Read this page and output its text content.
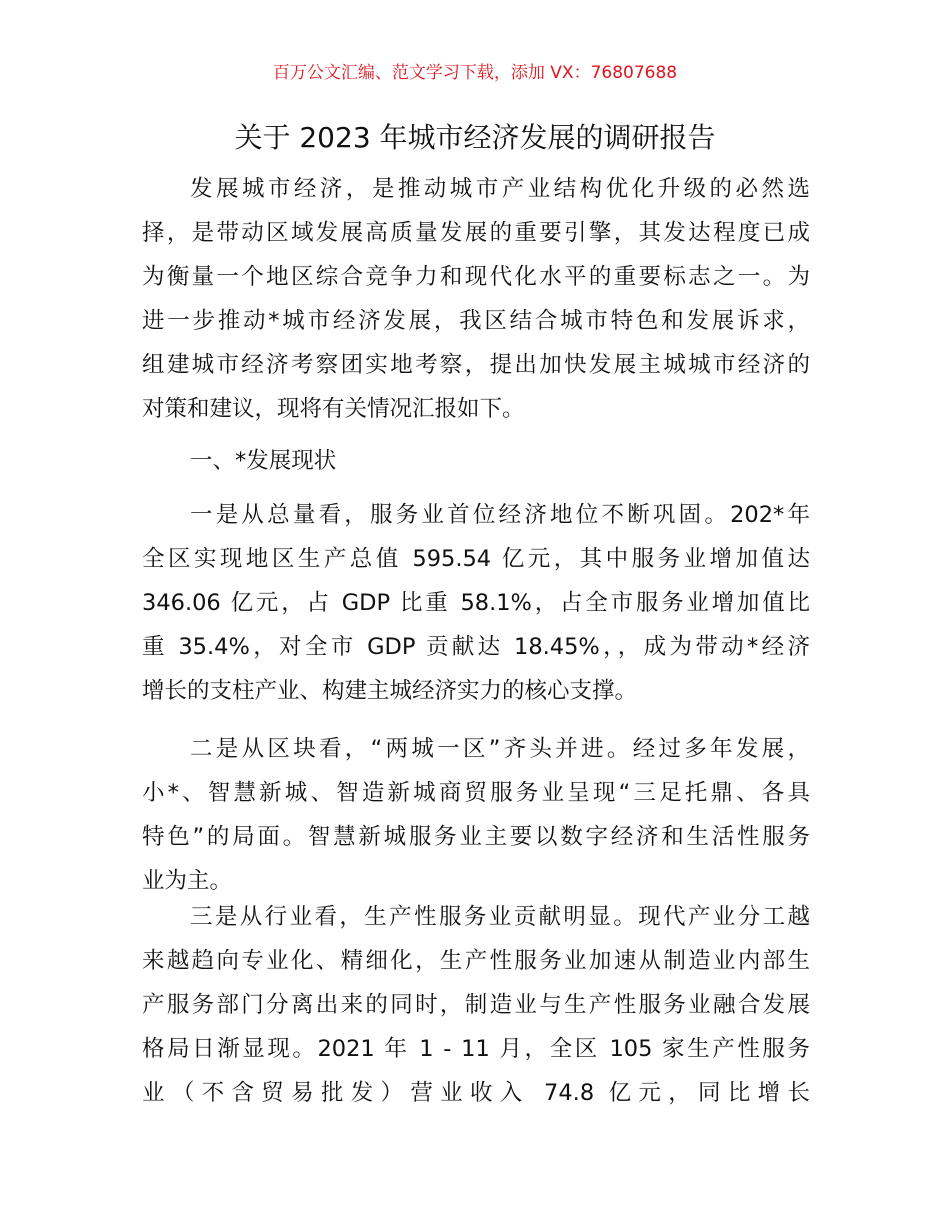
百万公文汇编、范文学习下载，添加 VX：76807688
关于 2023 年城市经济发展的调研报告
发展城市经济，是推动城市产业结构优化升级的必然选
择，是带动区域发展高质量发展的重要引擎，其发达程度已成
为衡量一个地区综合竞争力和现代化水平的重要标志之一。为
进一步推动*城市经济发展，我区结合城市特色和发展诉求，
组建城市经济考察团实地考察，提出加快发展主城城市经济的
对策和建议，现将有关情况汇报如下。
一、*发展现状
一是从总量看，服务业首位经济地位不断巩固。202*年
全区实现地区生产总值 595.54 亿元，其中服务业增加值达
346.06 亿元，占 GDP 比重 58.1%，占全市服务业增加值比
重 35.4%，对全市 GDP 贡献达 18.45%，，成为带动*经济
增长的支柱产业、构建主城经济实力的核心支撑。
二是从区块看，“两城一区”齐头并进。经过多年发展，
小*、智慧新城、智造新城商贸服务业呈现“三足托鼎、各具
特色”的局面。智慧新城服务业主要以数字经济和生活性服务
业为主。
三是从行业看，生产性服务业贡献明显。现代产业分工越
来越趋向专业化、精细化，生产性服务业加速从制造业内部生
产服务部门分离出来的同时，制造业与生产性服务业融合发展
格局日渐显现。2021 年 1 - 11 月，全区 105 家生产性服务
业（不含贸易批发）营业收入 74.8 亿元，同比增长
